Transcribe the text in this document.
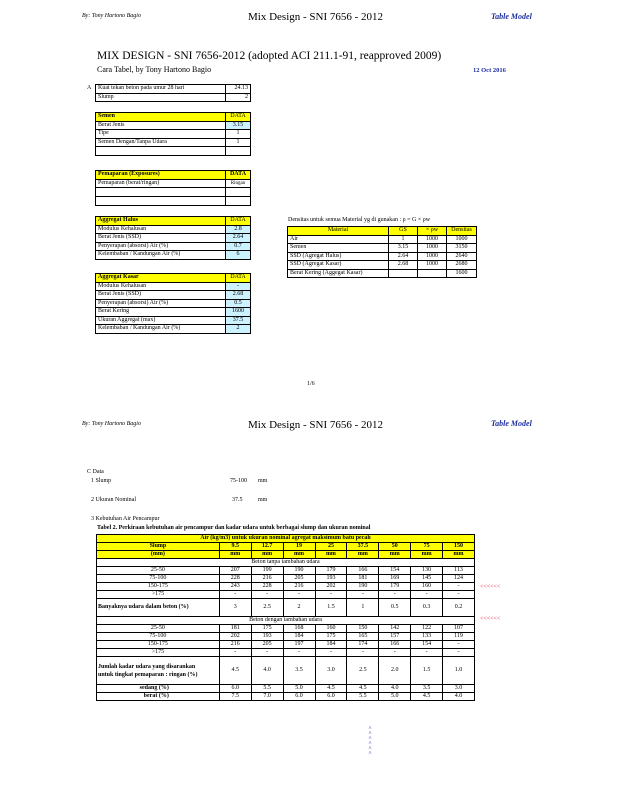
By: Tony Hartono Bagio	Mix Design - SNI 7656 - 2012	Table Model
MIX DESIGN - SNI 7656-2012 (adopted ACI 211.1-91, reapproved 2009)
Cara Tabel, by Tony Hartono Bagio	12 Oct 2016
A Kuat tekan beton pada umur 28 hari	24.13
Slump	2
Semen	DATA
Berat Jenis	3.15
Tipe	1
Semen Dengan/Tanpa Udara	1

Pemaparan (Exposures)	DATA
Pemaparan (berat/ringan)	Ringan

Aggregat Halus	DATA
Modulus Kehalusan	2.8
Berat Jenis (SSD)	2.64
Penyerapan (absorsi) Air (%)	0.7
Kelembaban / Kandungan Air (%)	6
Aggregat Kasar	DATA
Modulus Kehalusan	-
Berat Jenis (SSD)	2.68
Penyerapan (absorsi) Air (%)	0.5
Berat Kering	1600
Ukuran Aggregat (max)	37.5
Kelembaban / Kandungan Air (%)	2
Densitas untuk semua Material yg di gunakan : ρ = G × ρw
Material	GS	× ρw	Densitas
Air	1	1000	1000
Semen	3.15	1000	3150
SSD (Agregat Halus)	2.64	1000	2640
SSD (Agregat Kasar)	2.68	1000	2680
Berat Kering (Aggegat Kasar)			1600
1/6
By: Tony Hartono Bagio	Mix Design - SNI 7656 - 2012	Table Model
C Data
1 Slump	75-100 mm
2 Ukuran Nominal	37.5	mm
3 Kebutuhan Air Pencampur
Tabel 2. Perkiraan kebutuhan air pencampur dan kadar udara untuk berbagai slump dan ukuran nominal
Air (kg/m3) untuk ukuran nominal agregat maksimum batu pecah								
Slump	9.5	12.7	19	25	37.5	50	75	150
(mm)	mm	mm	mm	mm	mm	mm	mm	mm
Beton tanpa tambahan udara								
25-50	207	199	190	179	166	154	130	113
75-100	228	216	205	193	181	169	145	124
150-175	243	228	216	202	190	179	160	-
>175	-	-	-	-	-	-	-	-
Banyaknya udara dalam beton (%)	3	2.5	2	1.5	1	0.5	0.3	0.2
Beton dengan tambahan udara								
25-50	181	175	168	160	150	142	122	107
75-100	202	193	184	175	165	157	133	119
150-175	216	205	197	184	174	166	154	-
>175	-	-	-	-	-	-	-	-
Jumlah kadar udara yang disarankan
untuk tingkat pemaparan : ringan (%)	4.5	4.0	3.5	3.0	2.5	2.0	1.5	1.0
sedang (%)	6.0	5.5	5.0	4.5	4.5	4.0	3.5	3.0
berat (%)	7.5	7.0	6.0	6.0	5.5	5.0	4.5	4.0
<<<<<<
<<<<<<
^
^
^
^
^
^
